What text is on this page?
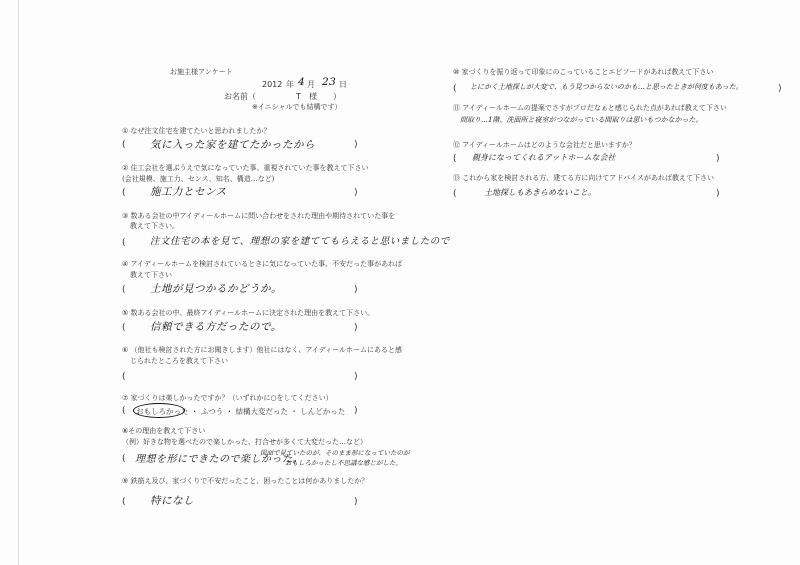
お施主様アンケート
2012 年 4 月 23 日
お名前（	T 様 ）
※イニシャルでも結構です）
① なぜ注文住宅を建てたいと思われましたか？
( 気に入った家を建てたかったから	)
② 住工会社を選ぶうえで気になっていた事、重視されていた事を教えて下さい
(会社規模、施工力、センス、知名、構造…など)
( 施工力とセンス	)
③ 数ある会社の中アイディールホームに問い合わせをされた理由や期待されていた事を
教えて下さい。
(	注文住宅の本を見て、理想の家を建ててもらえると思いましたので
④ アイディールホームを検討されているときに気になっていた事、不安だった事があれば
教えて下さい
( 土地が見つかるかどうか。	)
⑤ 数ある会社の中、最終アイディールホームに決定された理由を教えて下さい。
( 信頼できる方だったので。	)
⑥ （他社も検討された方にお聞きします）他社にはなく、アイディールホームにあると感
じられたところを教えて下さい
(	)
⑦ 家づくりは楽しかったですか？（いずれかに○をしてください）
( おもしろかった ・ ふつう ・ 結構大変だった ・ しんどかった )
⑧その理由を教えて下さい
（例）好きな物を選べたので楽しかった、打合せが多くて大変だった…など）
( 理想を形にできたので楽しかった。
図面で見ていたのが、そのまま形になっていたのが
おもしろかったし不思議な感じがした。
⑨ 鉄筋え及び、家づくりで不安だったこと、困ったことは何かありましたか？
( 特になし	)
⑩ 家づくりを振り返って印象にのこっていることエピソードがあれば教えて下さい
( とにかく土地探しが大変で、もう見つからないのかも…と思ったときが何度もあった。	)
⑪ アイディールホームの提案でさすがプロだなぁと感じられた点があれば教えて下さい
間取り…1階、洗面所と寝室がつながっている間取りは思いもつかなかった。
⑫ アイディールホームはどのような会社だと思いますか？
( 親身になってくれるアットホームな会社	)
⑬ これから家を検討される方、建てる方に向けてアドバイスがあれば教えて下さい
(	土地探しもあきらめないこと。	)
